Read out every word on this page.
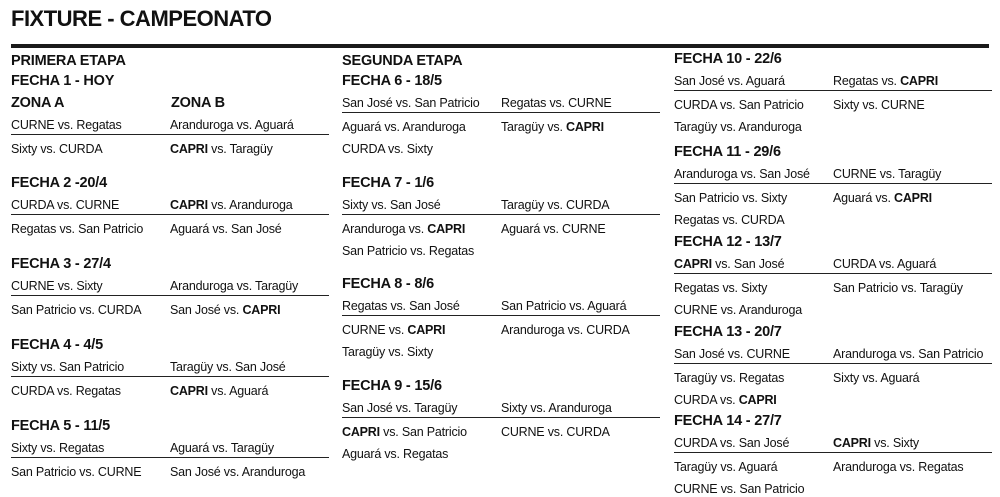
FIXTURE - CAMPEONATO
PRIMERA ETAPA
FECHA 1 - HOY
ZONA A	ZONA B
CURNE vs. Regatas	Aranduroga vs. Aguará
Sixty vs. CURDA	CAPRI vs. Taragüy
FECHA 2 -20/4
CURDA vs. CURNE	CAPRI vs. Aranduroga
Regatas vs. San Patricio	Aguará vs. San José
FECHA 3 - 27/4
CURNE vs. Sixty	Aranduroga vs. Taragüy
San Patricio vs. CURDA	San José vs. CAPRI
FECHA 4 - 4/5
Sixty vs. San Patricio	Taragüy vs. San José
CURDA vs. Regatas	CAPRI vs. Aguará
FECHA 5 - 11/5
Sixty vs. Regatas	Aguará vs. Taragüy
San Patricio vs. CURNE	San José vs. Aranduroga
SEGUNDA ETAPA
FECHA 6 - 18/5
San José vs. San Patricio	Regatas vs. CURNE
Aguará vs. Aranduroga	Taragüy vs. CAPRI
CURDA vs. Sixty
FECHA 7 - 1/6
Sixty vs. San José	Taragüy vs. CURDA
Aranduroga vs. CAPRI	Aguará vs. CURNE
San Patricio vs. Regatas
FECHA 8 - 8/6
Regatas vs. San José	San Patricio vs. Aguará
CURNE vs. CAPRI	Aranduroga vs. CURDA
Taragüy vs. Sixty
FECHA 9 - 15/6
San José vs. Taragüy	Sixty vs. Aranduroga
CAPRI vs. San Patricio	CURNE vs. CURDA
Aguará vs. Regatas
FECHA 10 - 22/6
San José vs. Aguará	Regatas vs. CAPRI
CURDA vs. San Patricio	Sixty vs. CURNE
Taragüy vs. Aranduroga
FECHA 11 - 29/6
Aranduroga vs. San José	CURNE vs. Taragüy
San Patricio vs. Sixty	Aguará vs. CAPRI
Regatas vs. CURDA
FECHA 12 - 13/7
CAPRI vs. San José	CURDA vs. Aguará
Regatas vs. Sixty	San Patricio vs. Taragüy
CURNE vs. Aranduroga
FECHA 13 - 20/7
San José vs. CURNE	Aranduroga vs. San Patricio
Taragüy vs. Regatas	Sixty vs. Aguará
CURDA vs. CAPRI
FECHA 14 - 27/7
CURDA vs. San José	CAPRI vs. Sixty
Taragüy vs. Aguará	Aranduroga vs. Regatas
CURNE vs. San Patricio
